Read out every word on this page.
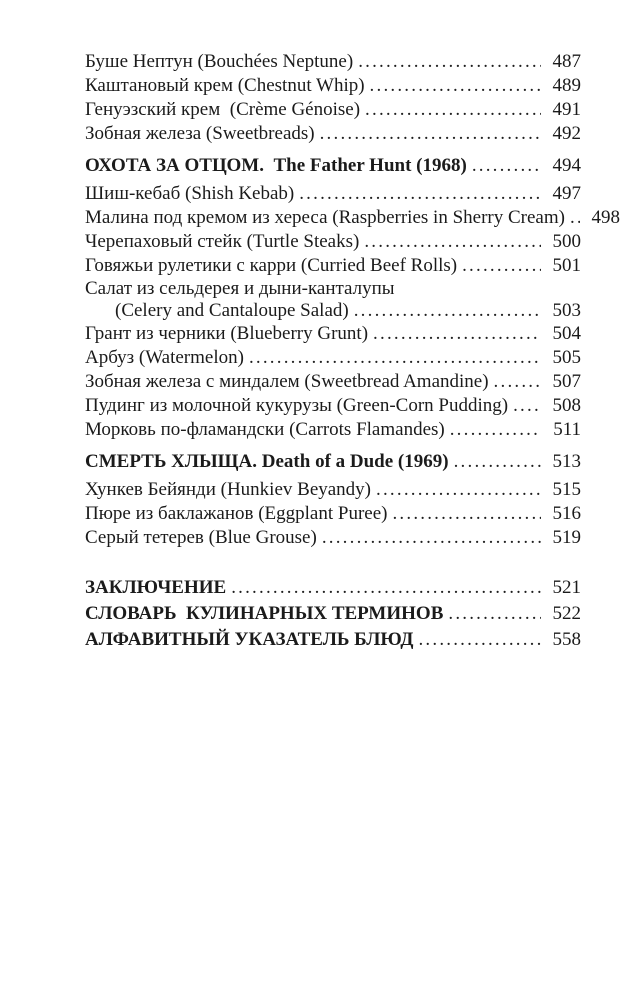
Буше Нептун (Bouchées Neptune) .....	487
Каштановый крем (Chestnut Whip) .....	489
Генуэзский крем  (Crème Génoise) .....	491
Зобная железа (Sweetbreads) .....	492
ОХОТА ЗА ОТЦОМ.  The Father Hunt (1968) .....	494
Шиш-кебаб (Shish Kebab) .....	497
Малина под кремом из хереса (Raspberries in Sherry Cream) .....	498
Черепаховый стейк (Turtle Steaks) .....	500
Говяжьи рулетики с карри (Curried Beef Rolls) .....	501
Салат из сельдерея и дыни-канталупы
(Celery and Cantaloupe Salad) .....	503
Грант из черники (Blueberry Grunt) .....	504
Арбуз (Watermelon) .....	505
Зобная железа с миндалем (Sweetbread Amandine) .....	507
Пудинг из молочной кукурузы (Green-Corn Pudding) .....	508
Морковь по-фламандски (Carrots Flamandes) .....	511
СМЕРТЬ ХЛЫЩА. Death of a Dude (1969) .....	513
Хункев Бейянди (Hunkiev Beyandy) .....	515
Пюре из баклажанов (Eggplant Puree) .....	516
Серый тетерев (Blue Grouse) .....	519
ЗАКЛЮЧЕНИЕ .....	521
СЛОВАРЬ  КУЛИНАРНЫХ ТЕРМИНОВ .....	522
АЛФАВИТНЫЙ УКАЗАТЕЛЬ БЛЮД .....	558
